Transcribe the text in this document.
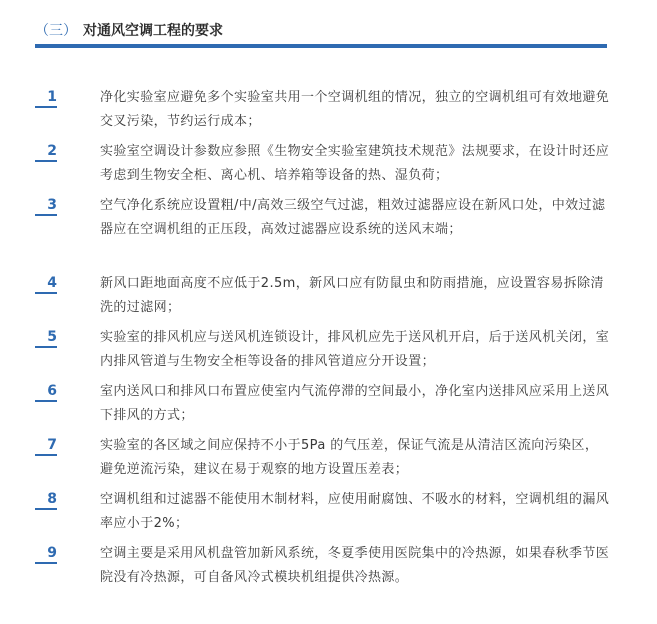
（三） 对通风空调工程的要求
1	净化实验室应避免多个实验室共用一个空调机组的情况，独立的空调机组可有效地避免交叉污染，节约运行成本；
2	实验室空调设计参数应参照《生物安全实验室建筑技术规范》法规要求，在设计时还应考虑到生物安全柜、离心机、培养箱等设备的热、湿负荷；
3	空气净化系统应设置粗/中/高效三级空气过滤，粗效过滤器应设在新风口处，中效过滤器应在空调机组的正压段，高效过滤器应设系统的送风末端；
4	新风口距地面高度不应低于2.5m，新风口应有防鼠虫和防雨措施，应设置容易拆除清洗的过滤网；
5	实验室的排风机应与送风机连锁设计，排风机应先于送风机开启，后于送风机关闭，室内排风管道与生物安全柜等设备的排风管道应分开设置；
6	室内送风口和排风口布置应使室内气流停滞的空间最小，净化室内送排风应采用上送风下排风的方式；
7	实验室的各区域之间应保持不小于5Pa 的气压差，保证气流是从清洁区流向污染区，避免逆流污染，建议在易于观察的地方设置压差表；
8	空调机组和过滤器不能使用木制材料，应使用耐腐蚀、不吸水的材料，空调机组的漏风率应小于2%；
9	空调主要是采用风机盘管加新风系统，冬夏季使用医院集中的冷热源，如果春秋季节医院没有冷热源，可自备风冷式模块机组提供冷热源。
